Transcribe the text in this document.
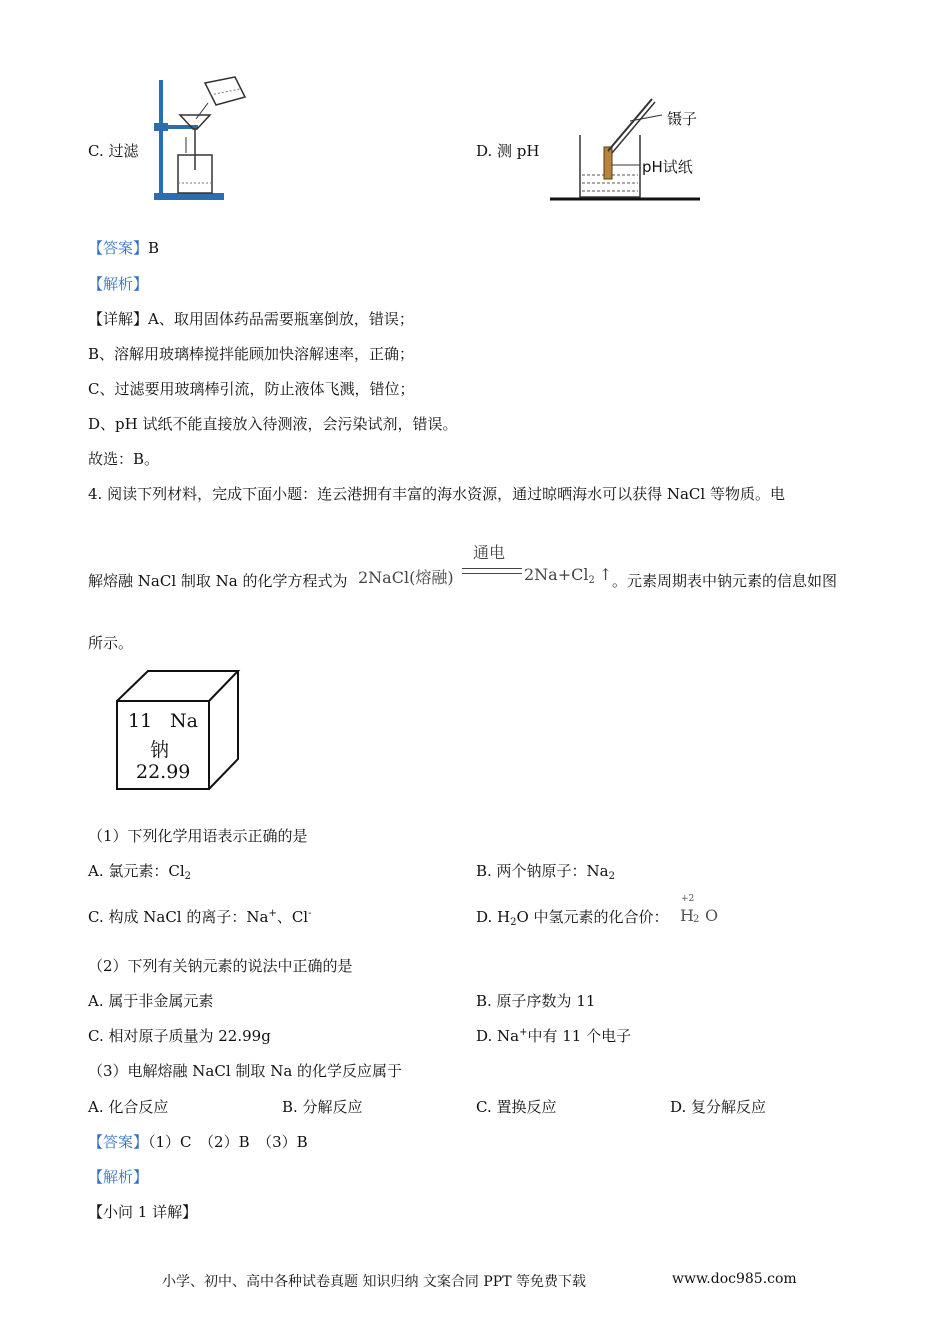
C. 过滤	D. 测 pH
镊子
pH试纸
【答案】B
【解析】
【详解】A、取用固体药品需要瓶塞倒放，错误；
B、溶解用玻璃棒搅拌能顾加快溶解速率，正确；
C、过滤要用玻璃棒引流，防止液体飞溅，错位；
D、pH 试纸不能直接放入待测液，会污染试剂，错误。
故选：B。
4. 阅读下列材料，完成下面小题：连云港拥有丰富的海水资源，通过晾晒海水可以获得 NaCl 等物质。电
解熔融 NaCl 制取 Na 的化学方程式为 2NaCl(熔融)
通电
$2Na+Cl_2$ ↑ 。元素周期表中钠元素的信息如图
所示。
11 Na
钠
22.99
（1）下列化学用语表示正确的是
A. 氯元素：$Cl_2$	B. 两个钠原子：$Na_2$
C. 构成 NaCl 的离子：Na+、Cl-	D. $H_2O$ 中氢元素的化合价：
+2
H 2 O
（2）下列有关钠元素的说法中正确的是
A. 属于非金属元素	B. 原子序数为 11
C. 相对原子质量为 22.99g	D. Na+中有 11 个电子
（3）电解熔融 NaCl 制取 Na 的化学反应属于
A. 化合反应	B. 分解反应	C. 置换反应	D. 复分解反应
【答案】（1）C　（2）B　（3）B
【解析】
【小问 1 详解】
小学、初中、高中各种试卷真题 知识归纳 文案合同 PPT 等免费下载	www.doc985.com
